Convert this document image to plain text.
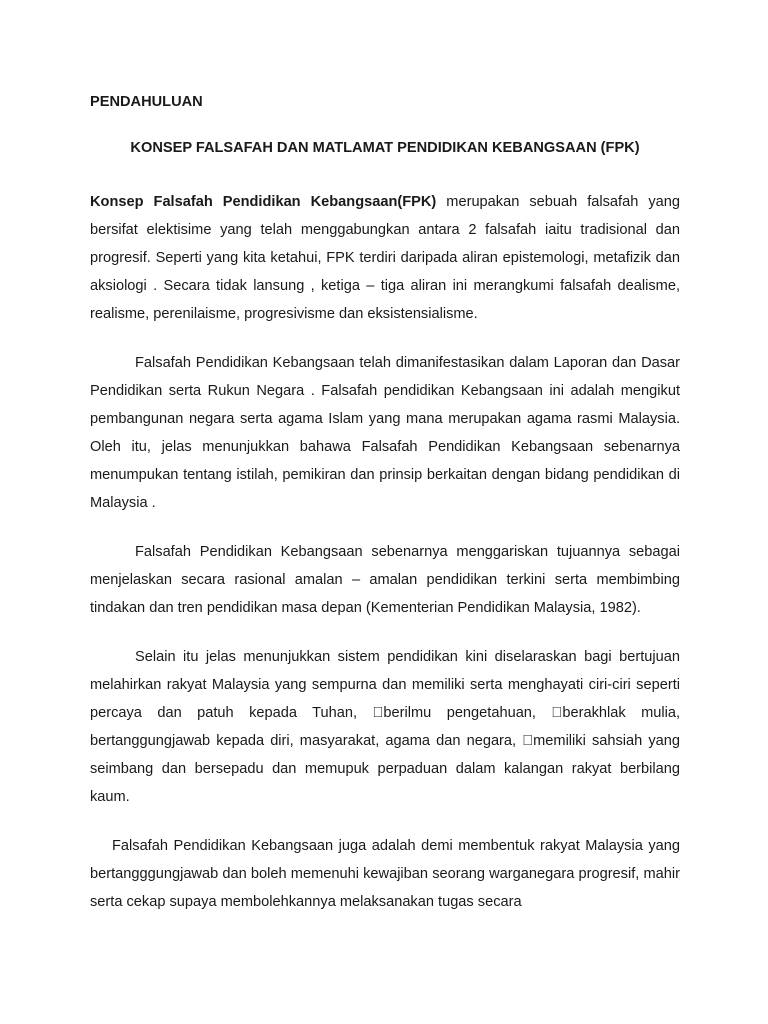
PENDAHULUAN
KONSEP FALSAFAH DAN MATLAMAT PENDIDIKAN KEBANGSAAN (FPK)

Konsep Falsafah Pendidikan Kebangsaan(FPK) merupakan sebuah falsafah yang bersifat elektisime yang telah menggabungkan antara 2 falsafah iaitu tradisional dan progresif. Seperti yang kita ketahui, FPK terdiri daripada aliran epistemologi, metafizik dan aksiologi . Secara tidak lansung , ketiga – tiga aliran ini merangkumi falsafah dealisme, realisme, perenilaisme, progresivisme dan eksistensialisme.

Falsafah Pendidikan Kebangsaan telah dimanifestasikan dalam Laporan dan Dasar Pendidikan serta Rukun Negara . Falsafah pendidikan Kebangsaan ini adalah mengikut pembangunan negara serta agama Islam yang mana merupakan agama rasmi Malaysia. Oleh itu, jelas menunjukkan bahawa Falsafah Pendidikan Kebangsaan sebenarnya menumpukan tentang istilah, pemikiran dan prinsip berkaitan dengan bidang pendidikan di Malaysia .

Falsafah Pendidikan Kebangsaan sebenarnya menggariskan tujuannya sebagai menjelaskan secara rasional amalan – amalan pendidikan terkini serta membimbing tindakan dan tren pendidikan masa depan (Kementerian Pendidikan Malaysia, 1982).

Selain itu jelas menunjukkan sistem pendidikan kini diselaraskan bagi bertujuan melahirkan rakyat Malaysia yang sempurna dan memiliki serta menghayati ciri-ciri seperti percaya dan patuh kepada Tuhan, berilmu pengetahuan, berakhlak mulia, bertanggungjawab kepada diri, masyarakat, agama dan negara, memiliki sahsiah yang seimbang dan bersepadu dan memupuk perpaduan dalam kalangan rakyat berbilang kaum.

Falsafah Pendidikan Kebangsaan juga adalah demi membentuk rakyat Malaysia yang bertangggungjawab dan boleh memenuhi kewajiban seorang warganegara progresif, mahir serta cekap supaya membolehkannya melaksanakan tugas secara
